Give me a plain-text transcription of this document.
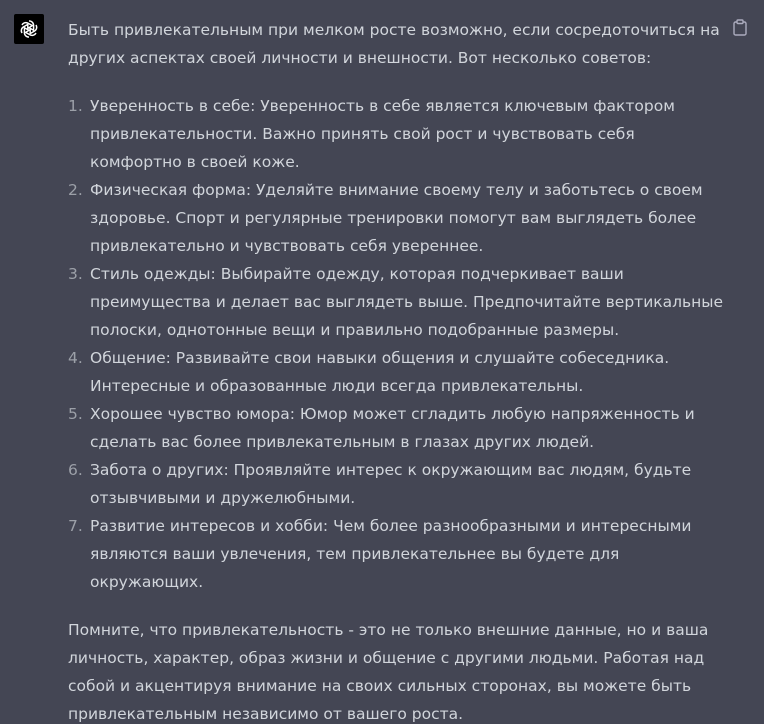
Быть привлекательным при мелком росте возможно, если сосредоточиться на других аспектах своей личности и внешности. Вот несколько советов:

1. Уверенность в себе: Уверенность в себе является ключевым фактором привлекательности. Важно принять свой рост и чувствовать себя комфортно в своей коже.
2. Физическая форма: Уделяйте внимание своему телу и заботьтесь о своем здоровье. Спорт и регулярные тренировки помогут вам выглядеть более привлекательно и чувствовать себя увереннее.
3. Стиль одежды: Выбирайте одежду, которая подчеркивает ваши преимущества и делает вас выглядеть выше. Предпочитайте вертикальные полоски, однотонные вещи и правильно подобранные размеры.
4. Общение: Развивайте свои навыки общения и слушайте собеседника. Интересные и образованные люди всегда привлекательны.
5. Хорошее чувство юмора: Юмор может сгладить любую напряженность и сделать вас более привлекательным в глазах других людей.
6. Забота о других: Проявляйте интерес к окружающим вас людям, будьте отзывчивыми и дружелюбными.
7. Развитие интересов и хобби: Чем более разнообразными и интересными являются ваши увлечения, тем привлекательнее вы будете для окружающих.

Помните, что привлекательность - это не только внешние данные, но и ваша личность, характер, образ жизни и общение с другими людьми. Работая над собой и акцентируя внимание на своих сильных сторонах, вы можете быть привлекательным независимо от вашего роста.
